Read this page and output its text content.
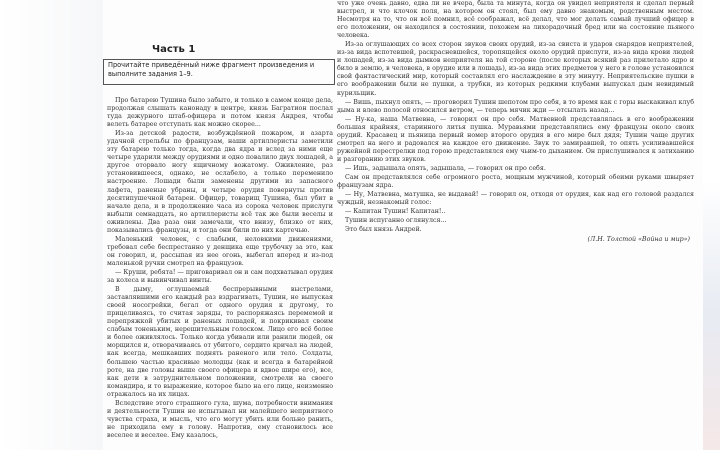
Часть 1
Прочитайте приведённый ниже фрагмент произведения и выполните задания 1–9.

Про батарею Тушина было забыто, и только в самом конце дела, продолжая слышать канонаду в центре, князь Багратион послал туда дежурного штаб-офицера и потом князя Андрея, чтобы велеть батарее отступать как можно скорее...

Из-за детской радости, возбуждённой пожаром, и азарта удачной стрельбы по французам, наши артиллеристы заметили эту батарею только тогда, когда два ядра и вслед за ними еще четыре ударили между орудиями и одно повалило двух лошадей, а другое оторвало ногу ящичному вожатому. Оживление, раз установившееся, однако, не ослабело, а только переменило настроение. Лошади были заменены другими из запасного лафета, раненые убраны, и четыре орудия повернуты против десятипушечной батареи. Офицер, товарищ Тушина, был убит в начале дела, и в продолжение часа из сорока человек прислуги выбыли семнадцать, но артиллеристы всё так же были веселы и оживлены. Два раза они замечали, что внизу, близко от них, показывались французы, и тогда они били по них картечью.

Маленький человек, с слабыми, неловкими движениями, требовал себе беспрестанно у денщика еще трубочку за это, как он говорил, и, рассыпая из нее огонь, выбегал вперед и из-под маленькой ручки смотрел на французов.

— Круши, ребята! — приговаривал он и сам подхватывал орудия за колеса и вывинчивал винты.

В дыму, оглушаемый беспрерывными выстрелами, заставлявшими его каждый раз вздрагивать, Тушин, не выпуская своей носогрейки, бегал от одного орудия к другому, то прицеливаясь, то считая заряды, то распоряжаясь перемемой и перепряжкой убитых и раненых лошадей, и покрикивал своим слабым тоненьким, нерешительным голоском. Лицо его всё более и более оживлялось. Только когда убивали или ранили людей, он морщился и, отворачиваясь от убитого, сердито кричал на людей, как всегда, мешкавших поднять раненого или тело. Солдаты, большею частью красивые молодцы (как и всегда в батарейной роте, на две головы выше своего офицера и вдвое шире его), все, как дети в затруднительном положении, смотрели на своего командира, и то выражение, которое было на его лице, неизменно отражалось на их лицах.

Вследствие этого страшного гула, шума, потребности внимания и деятельности Тушин не испытывал ни малейшего неприятного чувства страха, и мысль, что его могут убить или больно ранить, не приходила ему в голову. Напротив, ему становилось все веселее и веселее. Ему казалось,

что уже очень давно, едва ли не вчера, была та минута, когда он увидел неприятеля и сделал первый выстрел, и что клочок поля, на котором он стоял, был ему давно знакомым, родственным местом. Несмотря на то, что он всё помнил, всё соображал, всё делал, что мог делать самый лучший офицер в его положении, он находился в состоянии, похожем на лихорадочный бред или на состояние пьяного человека.

Из-за оглушающих со всех сторон звуков своих орудий, из-за свиста и ударов снарядов неприятелей, из-за вида вспотевшей, раскрасневшейся, торопящейся около орудий прислуги, из-за вида крови людей и лошадей, из-за вида дымков неприятеля на той стороне (после которых всякий раз прилетало ядро и било в землю, в человека, в орудие или в лошадь), из-за вида этих предметов у него в голове установился свой фантастический мир, который составлял его наслаждение в эту минуту. Неприятельские пушки в его воображении были не пушки, а трубки, из которых редкими клубами выпускал дым невидимый курильщик.

— Вишь, пыхнул опять, — проговорил Тушин шепотом про себя, в то время как с горы выскакивал клуб дыма и влево полосой относился ветром, — теперь мячик жди — отсылать назад...

— Ну-ка, наша Матвевна, — говорил он про себя. Матвевной представлялась в его воображении большая крайняя, старинного литья пушка. Муравьями представлялись ему французы около своих орудий. Красавец и пьяница первый номер второго орудия в его мире был дядя; Тушин чаще других смотрел на него и радовался на каждое его движение. Звук то замиравшей, то опять усиливавшейся ружейной перестрелки под горою представлялся ему чьим-то дыханием. Он прислушивался к затиханию и разгоранию этих звуков.

— Ишь, задышала опять, задышала, — говорил он про себя.

Сам он представлялся себе огромного роста, мощным мужчиной, который обеими руками швыряет французам ядра.

— Ну, Матвевна, матушка, не выдавай! — говорил он, отходя от орудия, как над его головой раздался чуждый, незнакомый голос:

— Капитан Тушин! Капитан!..

Тушин испуганно оглянулся...

Это был князь Андрей.

(Л.Н. Толстой «Война и мир»)
